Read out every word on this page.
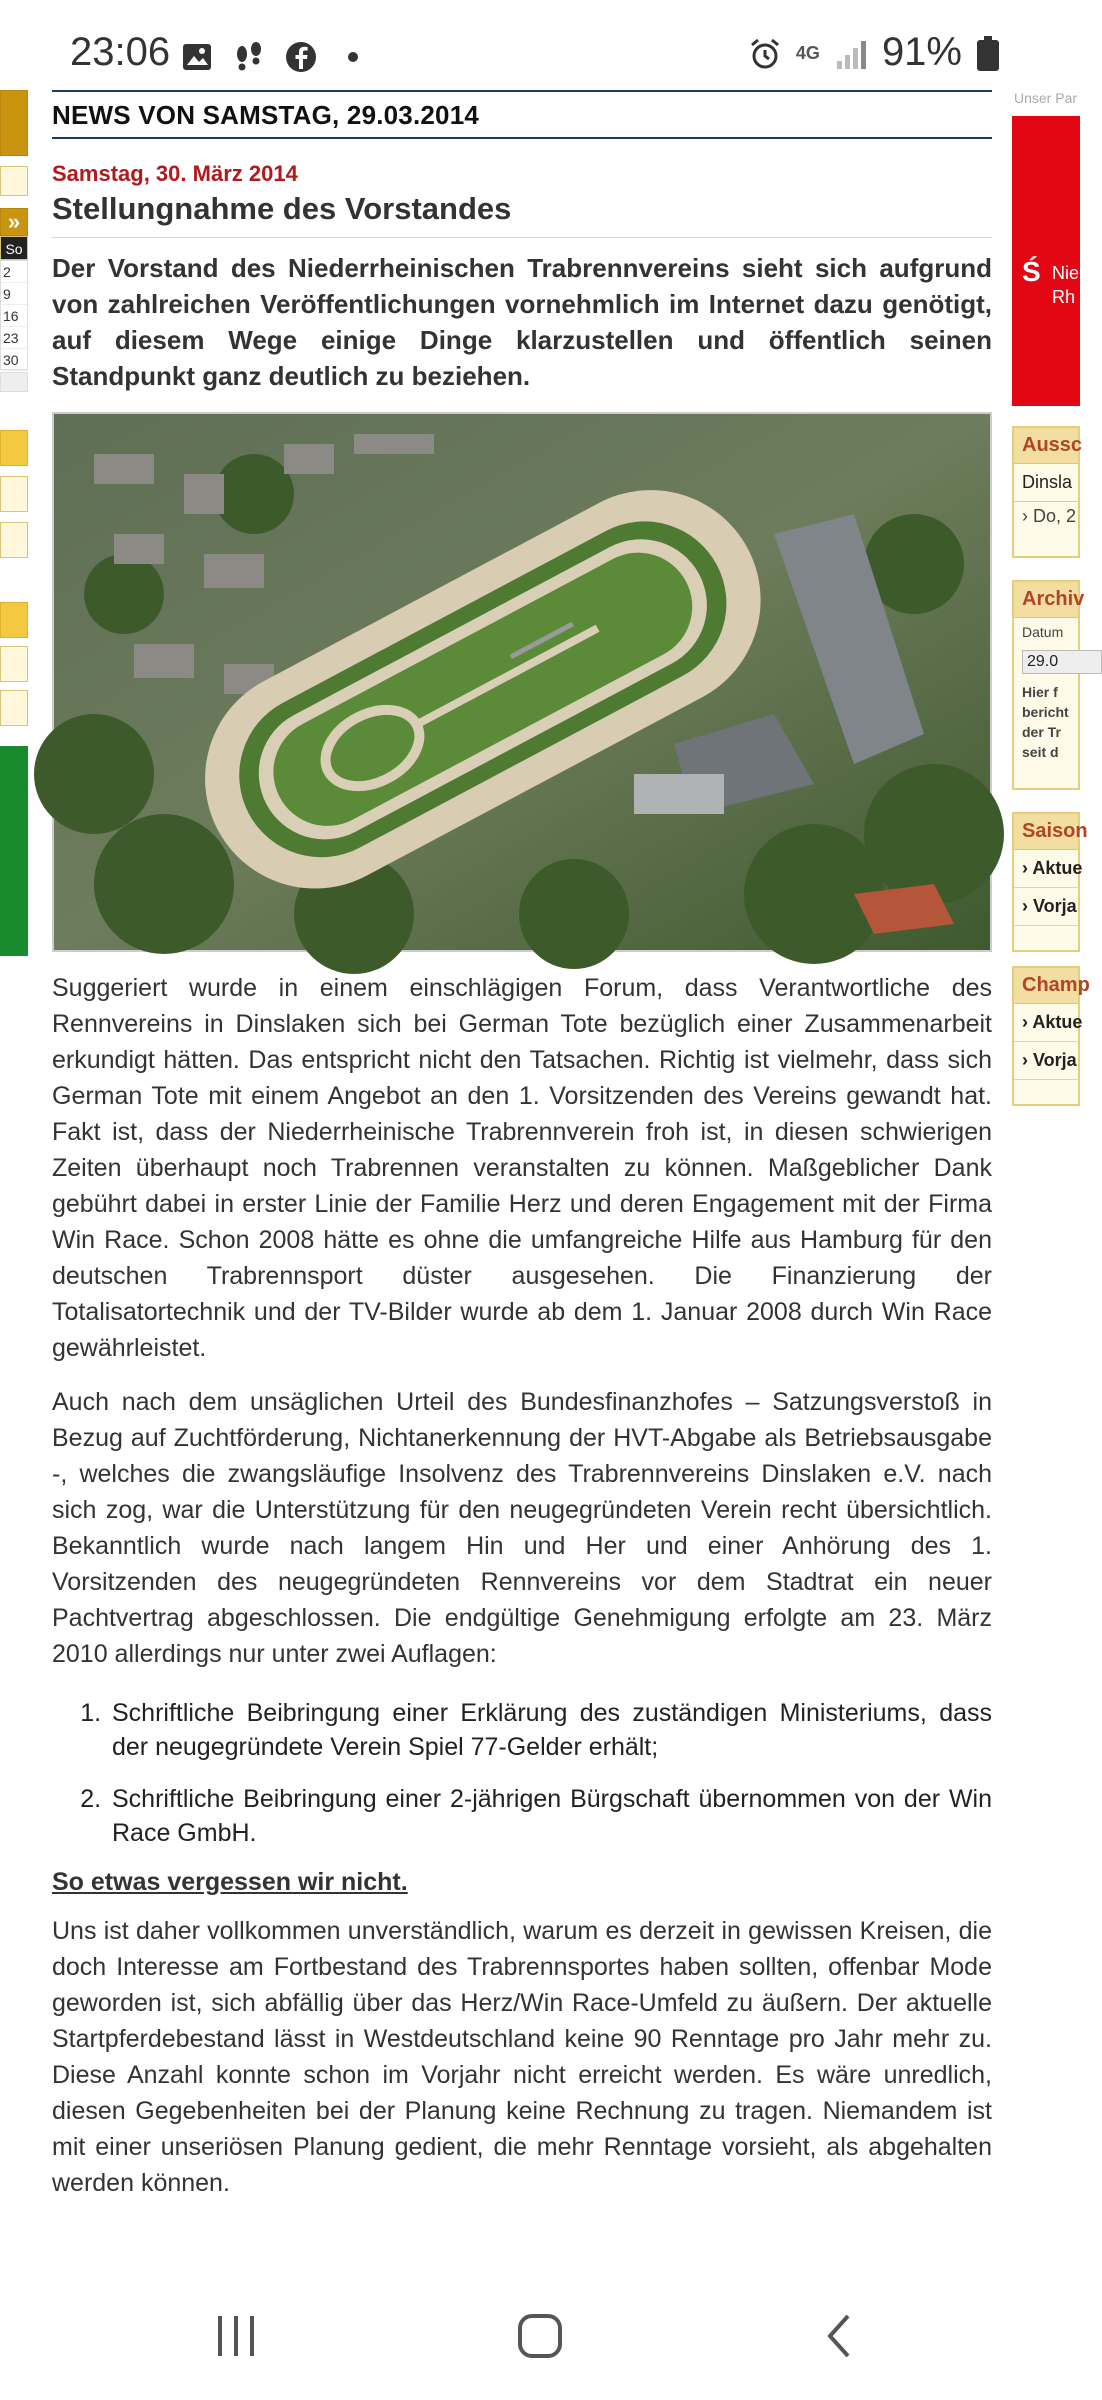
23:06	4G 91%
»
So
2
9
16
23
30
Unser Par
Ś Nie Rh
Aussc
Dinsla
› Do, 2
Archiv
Datum
29.0
Hier f
bericht
der Tr
seit d
Saison
› Aktue
› Vorja
Champ
› Aktue
› Vorja
NEWS VON SAMSTAG, 29.03.2014
Samstag, 30. März 2014
Stellungnahme des Vorstandes
Der Vorstand des Niederrheinischen Trabrennvereins sieht sich aufgrund von zahlreichen Veröffentlichungen vornehmlich im Internet dazu genötigt, auf diesem Wege einige Dinge klarzustellen und öffentlich seinen Standpunkt ganz deutlich zu beziehen.
Suggeriert wurde in einem einschlägigen Forum, dass Verantwortliche des Rennvereins in Dinslaken sich bei German Tote bezüglich einer Zusammenarbeit erkundigt hätten. Das entspricht nicht den Tatsachen. Richtig ist vielmehr, dass sich German Tote mit einem Angebot an den 1. Vorsitzenden des Vereins gewandt hat. Fakt ist, dass der Niederrheinische Trabrennverein froh ist, in diesen schwierigen Zeiten überhaupt noch Trabrennen veranstalten zu können. Maßgeblicher Dank gebührt dabei in erster Linie der Familie Herz und deren Engagement mit der Firma Win Race. Schon 2008 hätte es ohne die umfangreiche Hilfe aus Hamburg für den deutschen Trabrennsport düster ausgesehen. Die Finanzierung der Totalisatortechnik und der TV-Bilder wurde ab dem 1. Januar 2008 durch Win Race gewährleistet.
Auch nach dem unsäglichen Urteil des Bundesfinanzhofes – Satzungsverstoß in Bezug auf Zuchtförderung, Nichtanerkennung der HVT-Abgabe als Betriebsausgabe -, welches die zwangsläufige Insolvenz des Trabrennvereins Dinslaken e.V. nach sich zog, war die Unterstützung für den neugegründeten Verein recht übersichtlich. Bekanntlich wurde nach langem Hin und Her und einer Anhörung des 1. Vorsitzenden des neugegründeten Rennvereins vor dem Stadtrat ein neuer Pachtvertrag abgeschlossen. Die endgültige Genehmigung erfolgte am 23. März 2010 allerdings nur unter zwei Auflagen:
1. Schriftliche Beibringung einer Erklärung des zuständigen Ministeriums, dass der neugegründete Verein Spiel 77-Gelder erhält;
2. Schriftliche Beibringung einer 2-jährigen Bürgschaft übernommen von der Win Race GmbH.
So etwas vergessen wir nicht.
Uns ist daher vollkommen unverständlich, warum es derzeit in gewissen Kreisen, die doch Interesse am Fortbestand des Trabrennsportes haben sollten, offenbar Mode geworden ist, sich abfällig über das Herz/Win Race-Umfeld zu äußern. Der aktuelle Startpferdebestand lässt in Westdeutschland keine 90 Renntage pro Jahr mehr zu. Diese Anzahl konnte schon im Vorjahr nicht erreicht werden. Es wäre unredlich, diesen Gegebenheiten bei der Planung keine Rechnung zu tragen. Niemandem ist mit einer unseriösen Planung gedient, die mehr Renntage vorsieht, als abgehalten werden können.
